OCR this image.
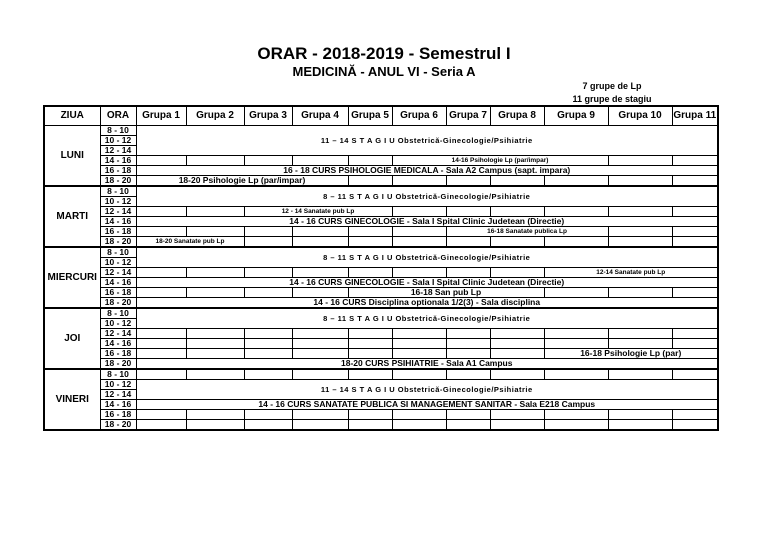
ORAR - 2018-2019 - Semestrul I
MEDICINĂ - ANUL VI - Seria A
7 grupe de Lp
11 grupe de stagiu
ZIUA	ORA	Grupa 1	Grupa 2	Grupa 3	Grupa 4	Grupa 5	Grupa 6	Grupa 7	Grupa 8	Grupa 9	Grupa 10	Grupa 11
LUNI	8 - 10	11 – 14 S T A G I U Obstetrică-Ginecologie/Psihiatrie										
	10 - 12											
	12 - 14											
	14 - 16						14-16 Psihologie Lp (par/impar)					
	16 - 18	16 - 18 CURS PSIHOLOGIE MEDICALA - Sala A2 Campus (sapt. impara)										
	18 - 20	18-20 Psihologie Lp (par/impar)										
MARTI	8 - 10	8 – 11 S T A G I U Obstetrică-Ginecologie/Psihiatrie										
	10 - 12											
	12 - 14			12 - 14 Sanatate pub Lp								
	14 - 16	14 - 16 CURS GINECOLOGIE - Sala I Spital Clinic Judetean (Directie)										
	16 - 18							16-18 Sanatate publica Lp				
	18 - 20	18-20 Sanatate pub Lp										
MIERCURI	8 - 10	8 – 11 S T A G I U Obstetrică-Ginecologie/Psihiatrie										
	10 - 12											
	12 - 14									12-14 Sanatate pub Lp		
	14 - 16	14 - 16 CURS GINECOLOGIE - Sala I Spital Clinic Judetean (Directie)										
	16 - 18					16-18 San pub Lp						
	18 - 20	14 - 16 CURS Disciplina optionala 1/2(3) - Sala disciplina										
JOI	8 - 10	8 – 11 S T A G I U Obstetrică-Ginecologie/Psihiatrie										
	10 - 12											
	12 - 14											
	14 - 16											
	16 - 18									16-18 Psihologie Lp (par)		
	18 - 20	18-20 CURS PSIHIATRIE - Sala A1 Campus										
VINERI	8 - 10											
	10 - 12	11 – 14 S T A G I U Obstetrică-Ginecologie/Psihiatrie										
	12 - 14											
	14 - 16	14 - 16 CURS SANATATE PUBLICA SI MANAGEMENT SANITAR - Sala E218 Campus										
	16 - 18											
	18 - 20											
